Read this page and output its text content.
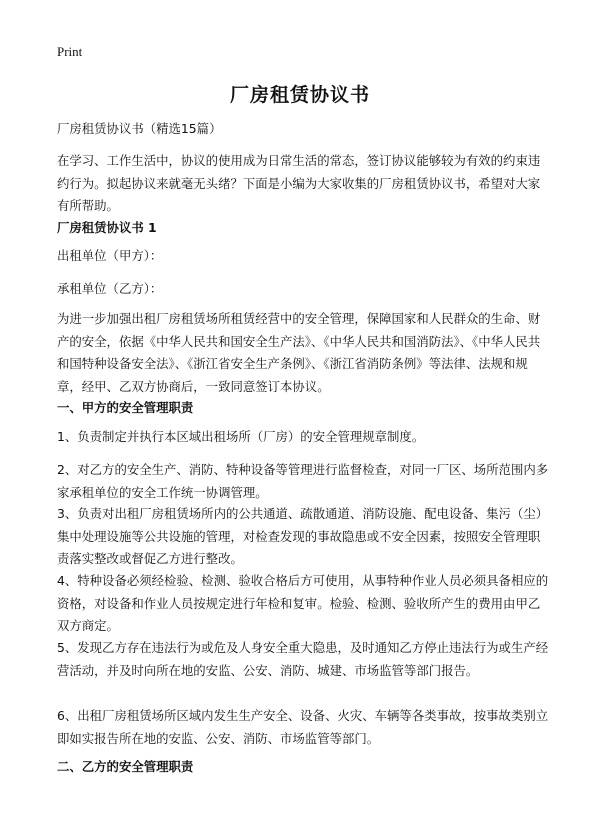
Print
厂房租赁协议书

厂房租赁协议书（精选15篇）

在学习、工作生活中，协议的使用成为日常生活的常态，签订协议能够较为有效的约束违约行为。拟起协议来就毫无头绪？下面是小编为大家收集的厂房租赁协议书，希望对大家有所帮助。

厂房租赁协议书 1

出租单位（甲方）：

承租单位（乙方）：

为进一步加强出租厂房租赁场所租赁经营中的安全管理，保障国家和人民群众的生命、财产的安全，依据《中华人民共和国安全生产法》、《中华人民共和国消防法》、《中华人民共和国特种设备安全法》、《浙江省安全生产条例》、《浙江省消防条例》等法律、法规和规章，经甲、乙双方协商后，一致同意签订本协议。

一、甲方的安全管理职责

1、负责制定并执行本区域出租场所（厂房）的安全管理规章制度。

2、对乙方的安全生产、消防、特种设备等管理进行监督检查，对同一厂区、场所范围内多家承租单位的安全工作统一协调管理。

3、负责对出租厂房租赁场所内的公共通道、疏散通道、消防设施、配电设备、集污（尘）集中处理设施等公共设施的管理，对检查发现的事故隐患或不安全因素，按照安全管理职责落实整改或督促乙方进行整改。

4、特种设备必须经检验、检测、验收合格后方可使用，从事特种作业人员必须具备相应的资格，对设备和作业人员按规定进行年检和复审。检验、检测、验收所产生的费用由甲乙双方商定。

5、发现乙方存在违法行为或危及人身安全重大隐患，及时通知乙方停止违法行为或生产经营活动，并及时向所在地的安监、公安、消防、城建、市场监管等部门报告。

6、出租厂房租赁场所区域内发生生产安全、设备、火灾、车辆等各类事故，按事故类别立即如实报告所在地的安监、公安、消防、市场监管等部门。

二、乙方的安全管理职责
